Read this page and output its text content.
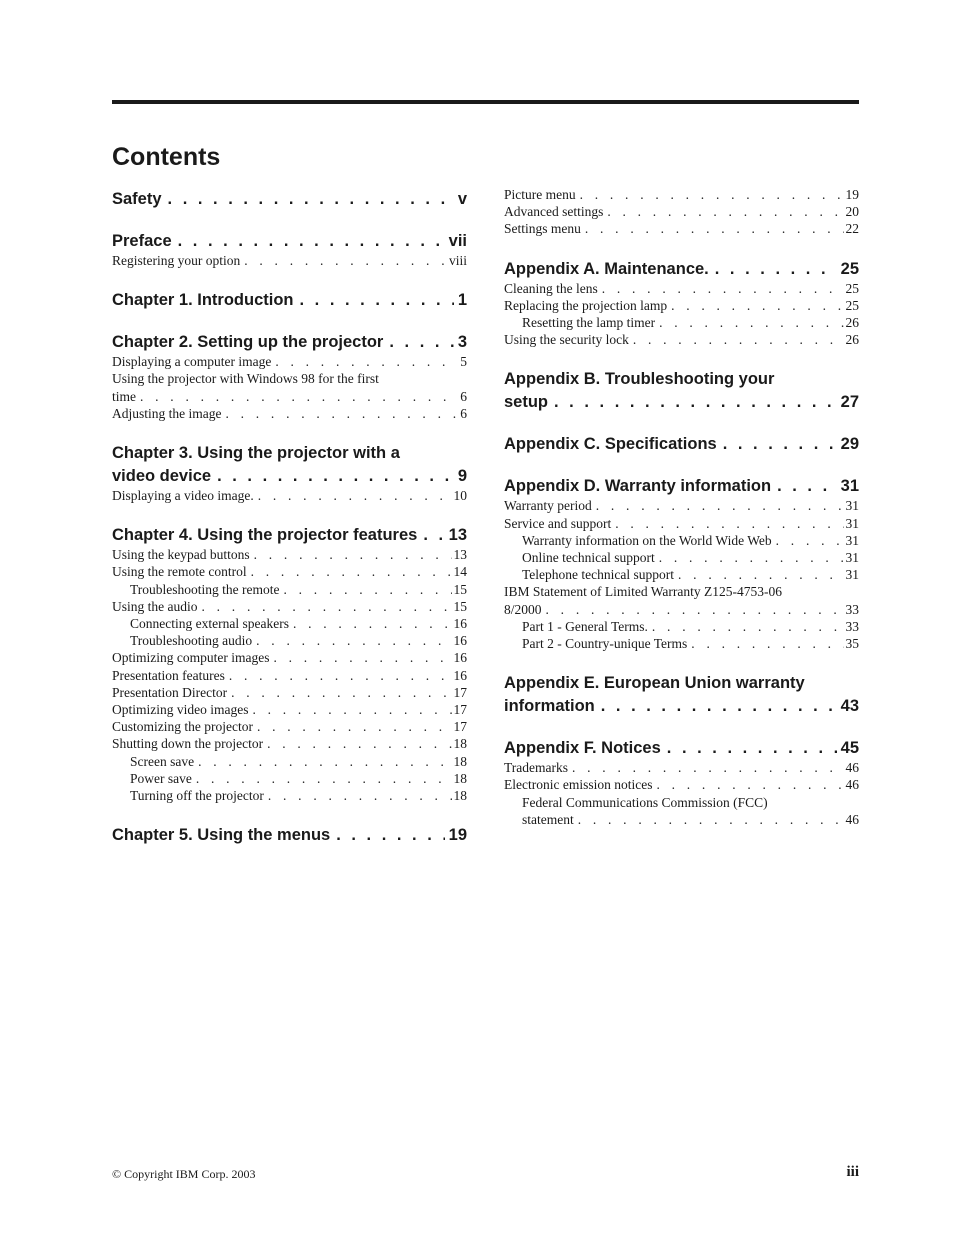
Contents
Safety . . .	v
Preface . . .	vii
Registering your option . . .	viii
Chapter 1. Introduction . . .	1
Chapter 2. Setting up the projector . . .	3
Displaying a computer image . . .	5
Using the projector with Windows 98 for the first
time . . .	6
Adjusting the image . . .	6
Chapter 3. Using the projector with a
video device . . .	9
Displaying a video image. . . .	10
Chapter 4. Using the projector features . . .	13
Using the keypad buttons . . .	13
Using the remote control . . .	14
Troubleshooting the remote . . .	15
Using the audio . . .	15
Connecting external speakers . . .	16
Troubleshooting audio . . .	16
Optimizing computer images . . .	16
Presentation features . . .	16
Presentation Director . . .	17
Optimizing video images . . .	17
Customizing the projector . . .	17
Shutting down the projector . . .	18
Screen save . . .	18
Power save . . .	18
Turning off the projector . . .	18
Chapter 5. Using the menus . . .	19
Picture menu . . .	19
Advanced settings . . .	20
Settings menu . . .	22
Appendix A. Maintenance. . . .	25
Cleaning the lens . . .	25
Replacing the projection lamp . . .	25
Resetting the lamp timer . . .	26
Using the security lock . . .	26
Appendix B. Troubleshooting your
setup . . .	27
Appendix C. Specifications . . .	29
Appendix D. Warranty information . . .	31
Warranty period . . .	31
Service and support . . .	31
Warranty information on the World Wide Web . . .	31
Online technical support . . .	31
Telephone technical support . . .	31
IBM Statement of Limited Warranty Z125-4753-06
8/2000 . . .	33
Part 1 - General Terms. . . .	33
Part 2 - Country-unique Terms . . .	35
Appendix E. European Union warranty
information . . .	43
Appendix F. Notices . . .	45
Trademarks . . .	46
Electronic emission notices . . .	46
Federal Communications Commission (FCC)
statement . . .	46
© Copyright IBM Corp. 2003	iii
